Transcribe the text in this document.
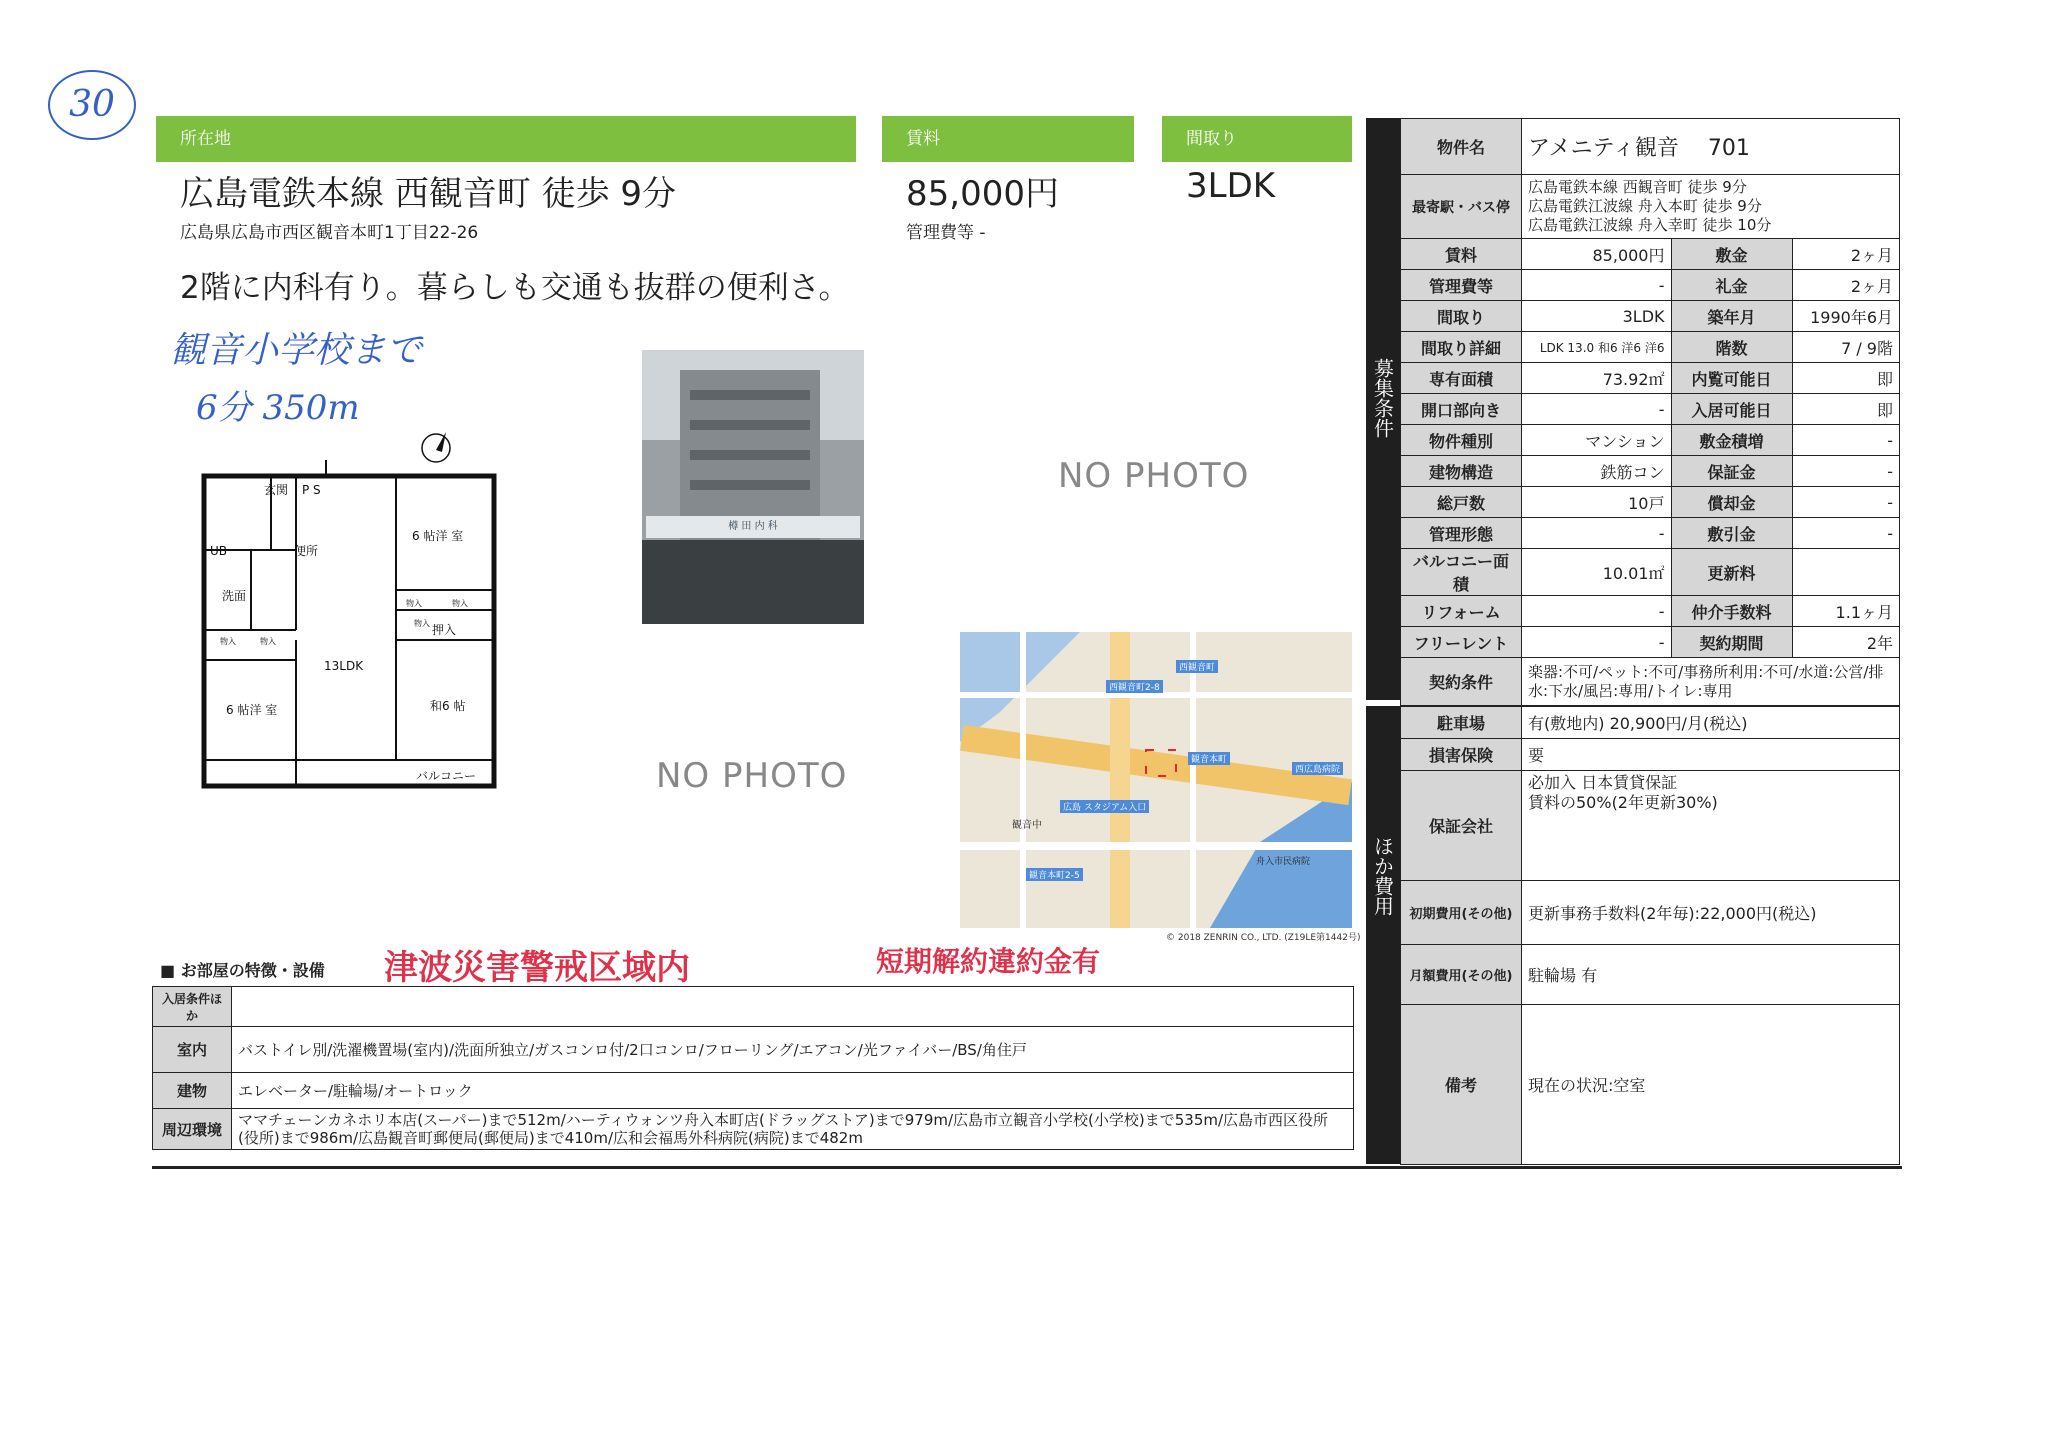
30
所在地	賃料	間取り
広島電鉄本線 西観音町 徒歩 9分
広島県広島市西区観音本町1丁目22-26
85,000円
管理費等 -
3LDK
2階に内科有り。暮らしも交通も抜群の便利さ。
観音小学校まで
6分 350m
玄関 P S
UB	便所
洗面
6 帖洋 室
13LDK
押入
和6 帖
6 帖洋 室
バルコニー
物入	物入
物入	物入
物入
樽 田 内 科
NO PHOTO
NO PHOTO
西観音町
観音本町
広島 スタジアム入口
観音中
舟入市民病院
西観音町2-8
西広島病院
観音本町2-5
© 2018 ZENRIN CO., LTD. (Z19LE第1442号)
■ お部屋の特徴・設備 津波災害警戒区域内	短期解約違約金有
入居条件ほか	
室内	バストイレ別/洗濯機置場(室内)/洗面所独立/ガスコンロ付/2口コンロ/フローリング/エアコン/光ファイバー/BS/角住戸
建物	エレベーター/駐輪場/オートロック
周辺環境	ママチェーンカネホリ本店(スーパー)まで512m/ハーティウォンツ舟入本町店(ドラッグストア)まで979m/広島市立観音小学校(小学校)まで535m/広島市西区役所(役所)まで986m/広島観音町郵便局(郵便局)まで410m/広和会福馬外科病院(病院)まで482m
募集条件
ほか費用
物件名	アメニティ観音　 701		
最寄駅・バス停	広島電鉄本線 西観音町 徒歩 9分
広島電鉄江波線 舟入本町 徒歩 9分
広島電鉄江波線 舟入幸町 徒歩 10分		

賃料	85,000円	敷金	2ヶ月
管理費等	-	礼金	2ヶ月
間取り	3LDK	築年月	1990年6月
間取り詳細	LDK 13.0 和6 洋6 洋6	階数	7 / 9階
専有面積	73.92㎡	内覧可能日	即
開口部向き	-	入居可能日	即
物件種別	マンション	敷金積増	-
建物構造	鉄筋コン	保証金	-
総戸数	10戸	償却金	-
管理形態	-	敷引金	-
バルコニー面積	10.01㎡	更新料	
リフォーム	-	仲介手数料	1.1ヶ月
フリーレント	-	契約期間	2年
契約条件	楽器:不可/ペット:不可/事務所利用:不可/水道:公営/排水:下水/風呂:専用/トイレ:専用		
駐車場	有(敷地内) 20,900円/月(税込)
損害保険	要
保証会社	必加入 日本賃貸保証
賃料の50%(2年更新30%)

初期費用(その他)	更新事務手数料(2年毎):22,000円(税込)
月額費用(その他)	駐輪場 有
備考	現在の状況:空室
